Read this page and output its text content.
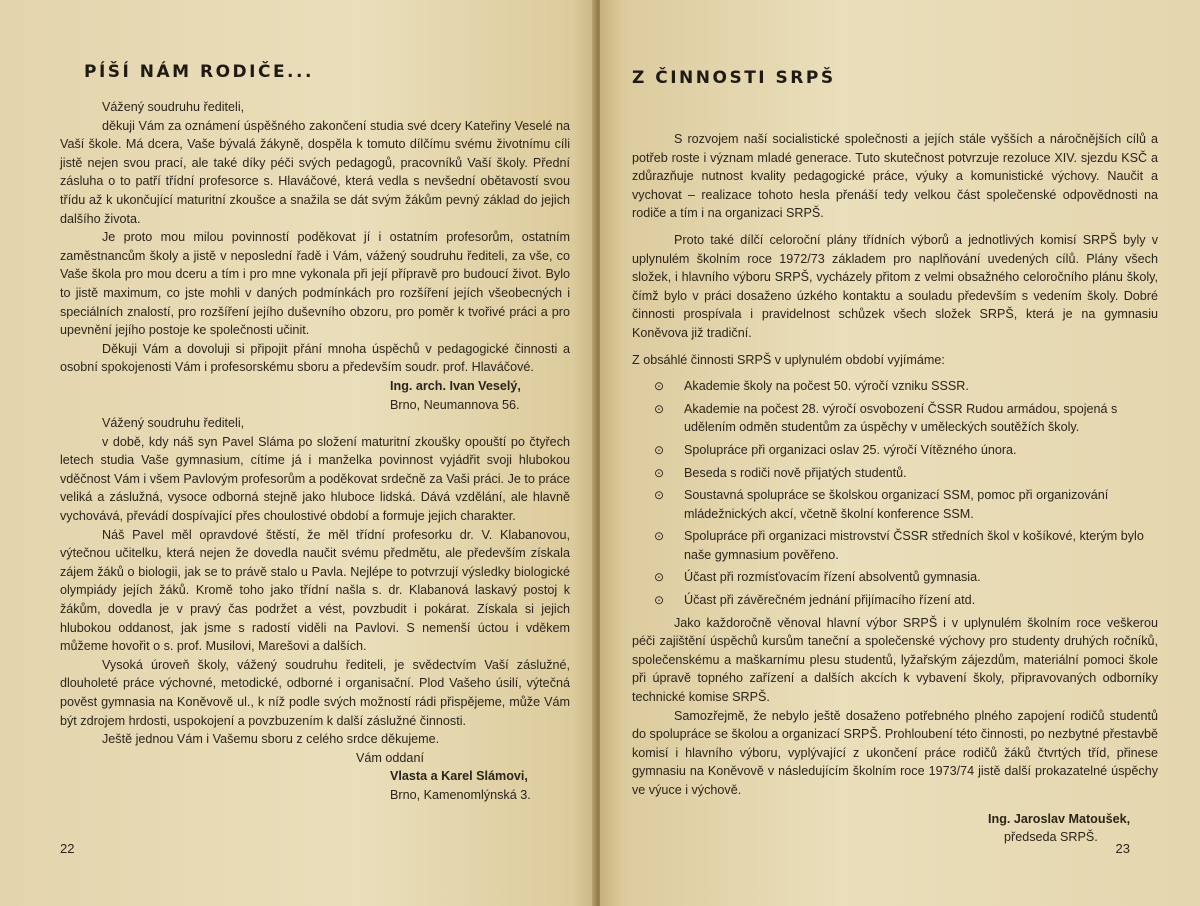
PÍŠÍ NÁM RODIČE...

Vážený soudruhu řediteli,

děkuji Vám za oznámení úspěšného zakončení studia své dcery Kateřiny Veselé na Vaší škole. Má dcera, Vaše bývalá žákyně, dospěla k tomuto dílčímu svému životnímu cíli jistě nejen svou prací, ale také díky péči svých pedagogů, pracovníků Vaší školy. Přední zásluha o to patří třídní profesorce s. Hlaváčové, která vedla s nevšední obětavostí svou třídu až k ukončující maturitní zkoušce a snažila se dát svým žákům pevný základ do jejich dalšího života.

Je proto mou milou povinností poděkovat jí i ostatním profesorům, ostatním zaměstnancům školy a jistě v neposlední řadě i Vám, vážený soudruhu řediteli, za vše, co Vaše škola pro mou dceru a tím i pro mne vykonala při její přípravě pro budoucí život. Bylo to jistě maximum, co jste mohli v daných podmínkách pro rozšíření jejích všeobecných i speciálních znalostí, pro rozšíření jejího duševního obzoru, pro poměr k tvořivé práci a pro upevnění jejího postoje ke společnosti učinit.

Děkuji Vám a dovoluji si připojit přání mnoha úspěchů v pedagogické činnosti a osobní spokojenosti Vám i profesorskému sboru a především soudr. prof. Hlaváčové.

Ing. arch. Ivan Veselý,
Brno, Neumannova 56.

Vážený soudruhu řediteli,

v době, kdy náš syn Pavel Sláma po složení maturitní zkoušky opouští po čtyřech letech studia Vaše gymnasium, cítíme já i manželka povinnost vyjádřit svoji hlubokou vděčnost Vám i všem Pavlovým profesorům a poděkovat srdečně za Vaši práci. Je to práce veliká a záslužná, vysoce odborná stejně jako hluboce lidská. Dává vzdělání, ale hlavně vychovává, převádí dospívající přes choulostivé období a formuje jejich charakter.

Náš Pavel měl opravdové štěstí, že měl třídní profesorku dr. V. Klabanovou, výtečnou učitelku, která nejen že dovedla naučit svému předmětu, ale především získala zájem žáků o biologii, jak se to právě stalo u Pavla. Nejlépe to potvrzují výsledky biologické olympiády jejích žáků. Kromě toho jako třídní našla s. dr. Klabanová laskavý postoj k žákům, dovedla je v pravý čas podržet a vést, povzbudit i pokárat. Získala si jejich hlubokou oddanost, jak jsme s radostí viděli na Pavlovi. S nemenší úctou i vděkem můžeme hovořit o s. prof. Musilovi, Marešovi a dalších.

Vysoká úroveň školy, vážený soudruhu řediteli, je svědectvím Vaší záslužné, dlouholeté práce výchovné, metodické, odborné i organisační. Plod Vašeho úsilí, výtečná pověst gymnasia na Koněvově ul., k níž podle svých možností rádi přispějeme, může Vám být zdrojem hrdosti, uspokojení a povzbuzením k další záslužné činnosti.

Ještě jednou Vám i Vašemu sboru z celého srdce děkujeme.

Vám oddaní
Vlasta a Karel Slámovi,
Brno, Kamenomlýnská 3.
22
Z ČINNOSTI SRPŠ

S rozvojem naší socialistické společnosti a jejích stále vyšších a náročnějších cílů a potřeb roste i význam mladé generace. Tuto skutečnost potvrzuje rezoluce XIV. sjezdu KSČ a zdůrazňuje nutnost kvality pedagogické práce, výuky a komunistické výchovy. Naučit a vychovat – realizace tohoto hesla přenáší tedy velkou část společenské odpovědnosti na rodiče a tím i na organizaci SRPŠ.

Proto také dílčí celoroční plány třídních výborů a jednotlivých komisí SRPŠ byly v uplynulém školním roce 1972/73 základem pro naplňování uvedených cílů. Plány všech složek, i hlavního výboru SRPŠ, vycházely přitom z velmi obsažného celoročního plánu školy, čímž bylo v práci dosaženo úzkého kontaktu a souladu především s vedením školy. Dobré činnosti prospívala i pravidelnost schůzek všech složek SRPŠ, která je na gymnasiu Koněvova již tradiční.

Z obsáhlé činnosti SRPŠ v uplynulém období vyjímáme:

⊙ Akademie školy na počest 50. výročí vzniku SSSR.
⊙ Akademie na počest 28. výročí osvobození ČSSR Rudou armádou, spojená s udělením odměn studentům za úspěchy v uměleckých soutěžích školy.
⊙ Spolupráce při organizaci oslav 25. výročí Vítězného února.
⊙ Beseda s rodiči nově přijatých studentů.
⊙ Soustavná spolupráce se školskou organizací SSM, pomoc při organizování mládežnických akcí, včetně školní konference SSM.
⊙ Spolupráce při organizaci mistrovství ČSSR středních škol v košíkové, kterým bylo naše gymnasium pověřeno.
⊙ Účast při rozmísťovacím řízení absolventů gymnasia.
⊙ Účast při závěrečném jednání přijímacího řízení atd.

Jako každoročně věnoval hlavní výbor SRPŠ i v uplynulém školním roce veškerou péči zajištění úspěchů kursům taneční a společenské výchovy pro studenty druhých ročníků, společenskému a maškarnímu plesu studentů, lyžařským zájezdům, materiální pomoci škole při úpravě topného zařízení a dalších akcích k vybavení školy, připravovaných odborníky technické komise SRPŠ.

Samozřejmě, že nebylo ještě dosaženo potřebného plného zapojení rodičů studentů do spolupráce se školou a organizací SRPŠ. Prohloubení této činnosti, po nezbytné přestavbě komisí i hlavního výboru, vyplývající z ukončení práce rodičů žáků čtvrtých tříd, přinese gymnasiu na Koněvově v následujícím školním roce 1973/74 jistě další prokazatelné úspěchy ve výuce i výchově.

Ing. Jaroslav Matoušek,
předseda SRPŠ.
23
